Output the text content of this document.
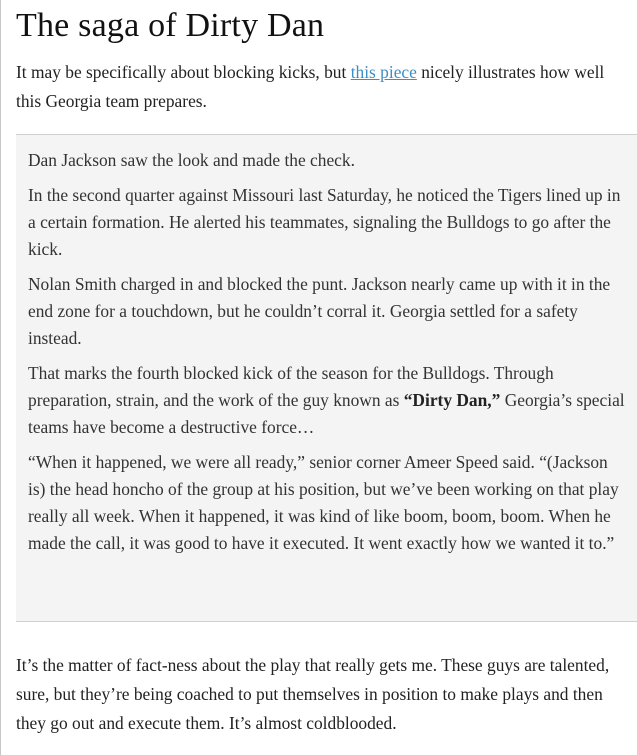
The saga of Dirty Dan

It may be specifically about blocking kicks, but this piece nicely illustrates how well this Georgia team prepares.

Dan Jackson saw the look and made the check.

In the second quarter against Missouri last Saturday, he noticed the Tigers lined up in a certain formation. He alerted his teammates, signaling the Bulldogs to go after the kick.

Nolan Smith charged in and blocked the punt. Jackson nearly came up with it in the end zone for a touchdown, but he couldn’t corral it. Georgia settled for a safety instead.

That marks the fourth blocked kick of the season for the Bulldogs. Through preparation, strain, and the work of the guy known as “Dirty Dan,” Georgia’s special teams have become a destructive force…

“When it happened, we were all ready,” senior corner Ameer Speed said. “(Jackson is) the head honcho of the group at his position, but we’ve been working on that play really all week. When it happened, it was kind of like boom, boom, boom. When he made the call, it was good to have it executed. It went exactly how we wanted it to.”

It’s the matter of fact-ness about the play that really gets me. These guys are talented, sure, but they’re being coached to put themselves in position to make plays and then they go out and execute them. It’s almost coldblooded.
